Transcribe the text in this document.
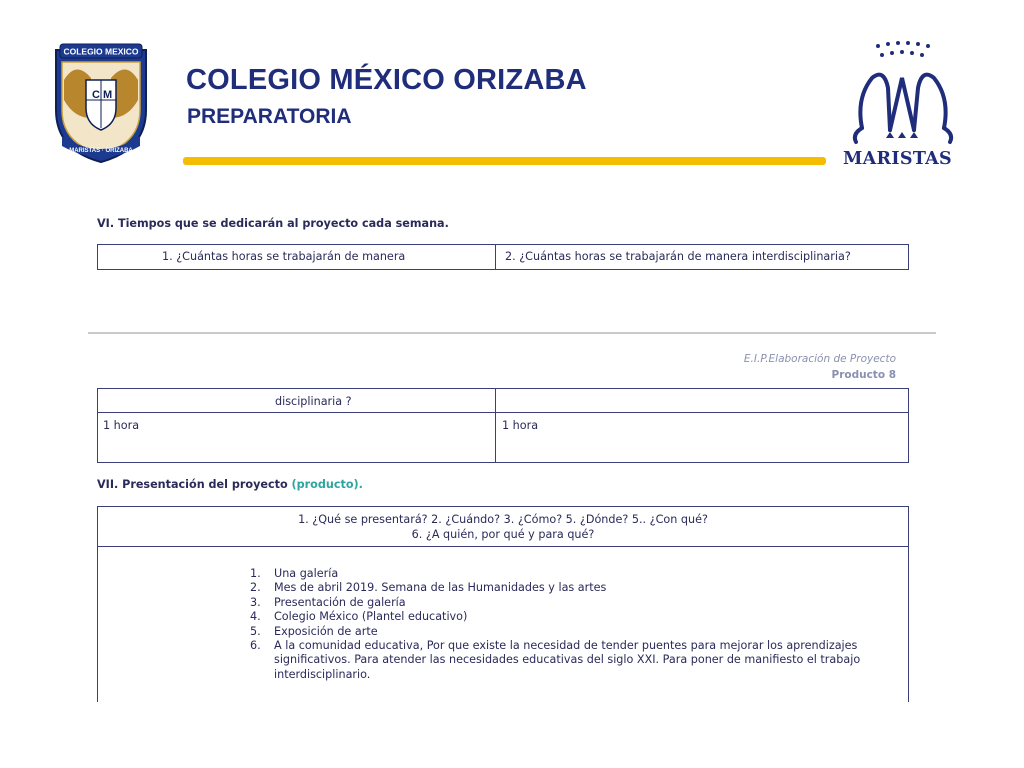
C M
COLEGIO MEXICO
MARISTAS · ORIZABA
COLEGIO MÉXICO ORIZABA
PREPARATORIA
MARISTAS
VI. Tiempos que se dedicarán al proyecto cada semana.
1. ¿Cuántas horas se trabajarán de manera	2. ¿Cuántas horas se trabajarán de manera interdisciplinaria?
E.I.P.Elaboración de Proyecto
Producto 8
disciplinaria ?
1 hora	1 hora
VII. Presentación del proyecto (producto).
1. ¿Qué se presentará? 2. ¿Cuándo? 3. ¿Cómo? 5. ¿Dónde? 5.. ¿Con qué?
6. ¿A quién, por qué y para qué?
1. Una galería
2. Mes de abril 2019. Semana de las Humanidades y las artes
3. Presentación de galería
4. Colegio México (Plantel educativo)
5. Exposición de arte
6. A la comunidad educativa, Por que existe la necesidad de tender puentes para mejorar los aprendizajes significativos. Para atender las necesidades educativas del siglo XXI. Para poner de manifiesto el trabajo interdisciplinario.
